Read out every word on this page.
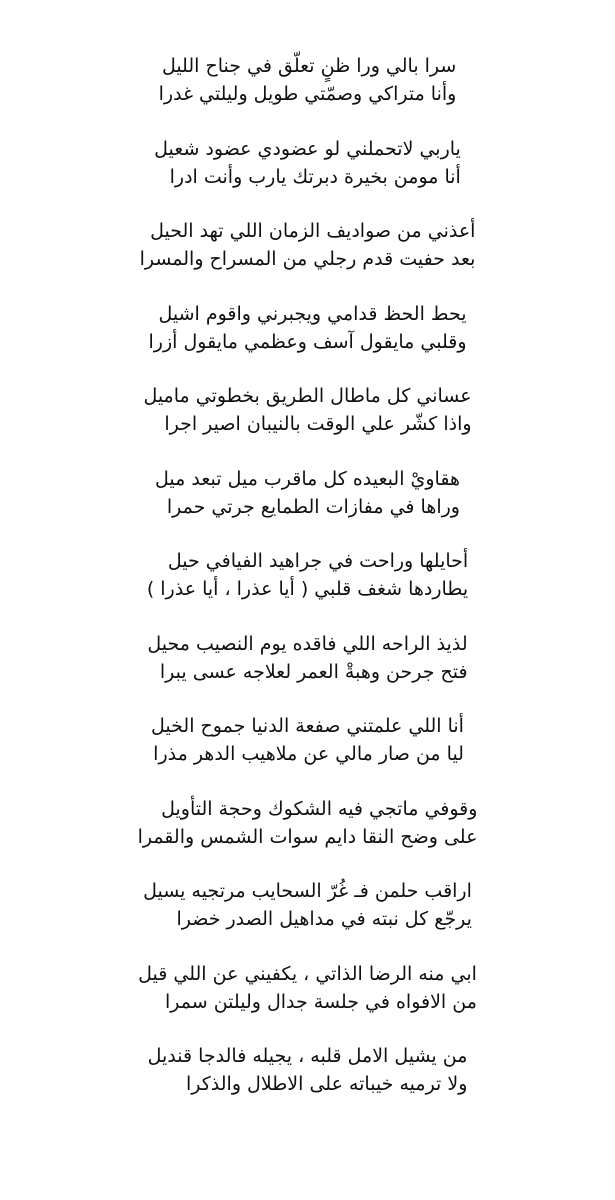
سرا بالي ورا ظنٍ تعلّق في جناح الليل
وأنا متراكي وصمّتي طويل وليلتي غدرا
ياربي لاتحملني لو عضودي عضود شعيل
أنا مومن بخيرة دبرتك يارب وأنت ادرا
أعذني من صواديف الزمان اللي تهد الحيل
بعد حفيت قدم رجلي من المسراح والمسرا
يحط الحظ قدامي ويجبرني واقوم اشيل
وقلبي مايقول آسف وعظمي مايقول أزرا
عساني كل ماطال الطريق بخطوتي ماميل
واذا كشّر علي الوقت بالنيبان اصير اجرا
هقاويْ البعيده كل ماقرب ميل تبعد ميل
وراها في مفازات الطمايع جرتي حمرا
أحايلها وراحت في جراهيد الفيافي حيل
يطاردها شغف قلبي ( أيا عذرا ، أيا عذرا )
لذيذ الراحه اللي فاقده يوم النصيب محيل
فتح جرحن وهبةْ العمر لعلاجه عسى يبرا
أنا اللي علمتني صفعة الدنيا جموح الخيل
ليا من صار مالي عن ملاهيب الدهر مذرا
وقوفي ماتجي فيه الشكوك وحجة التأويل
على وضح النقا دايم سوات الشمس والقمرا
اراقب حلمن فـ غُرّ السحايب مرتجيه يسيل
يرجّع كل نبته في مداهيل الصدر خضرا
ابي منه الرضا الذاتي ، يكفيني عن اللي قيل
من الافواه في جلسة جدال وليلتن سمرا
من يشيل الامل قلبه ، يجيله فالدجا قنديل
ولا ترميه خيباته على الاطلال والذكرا
